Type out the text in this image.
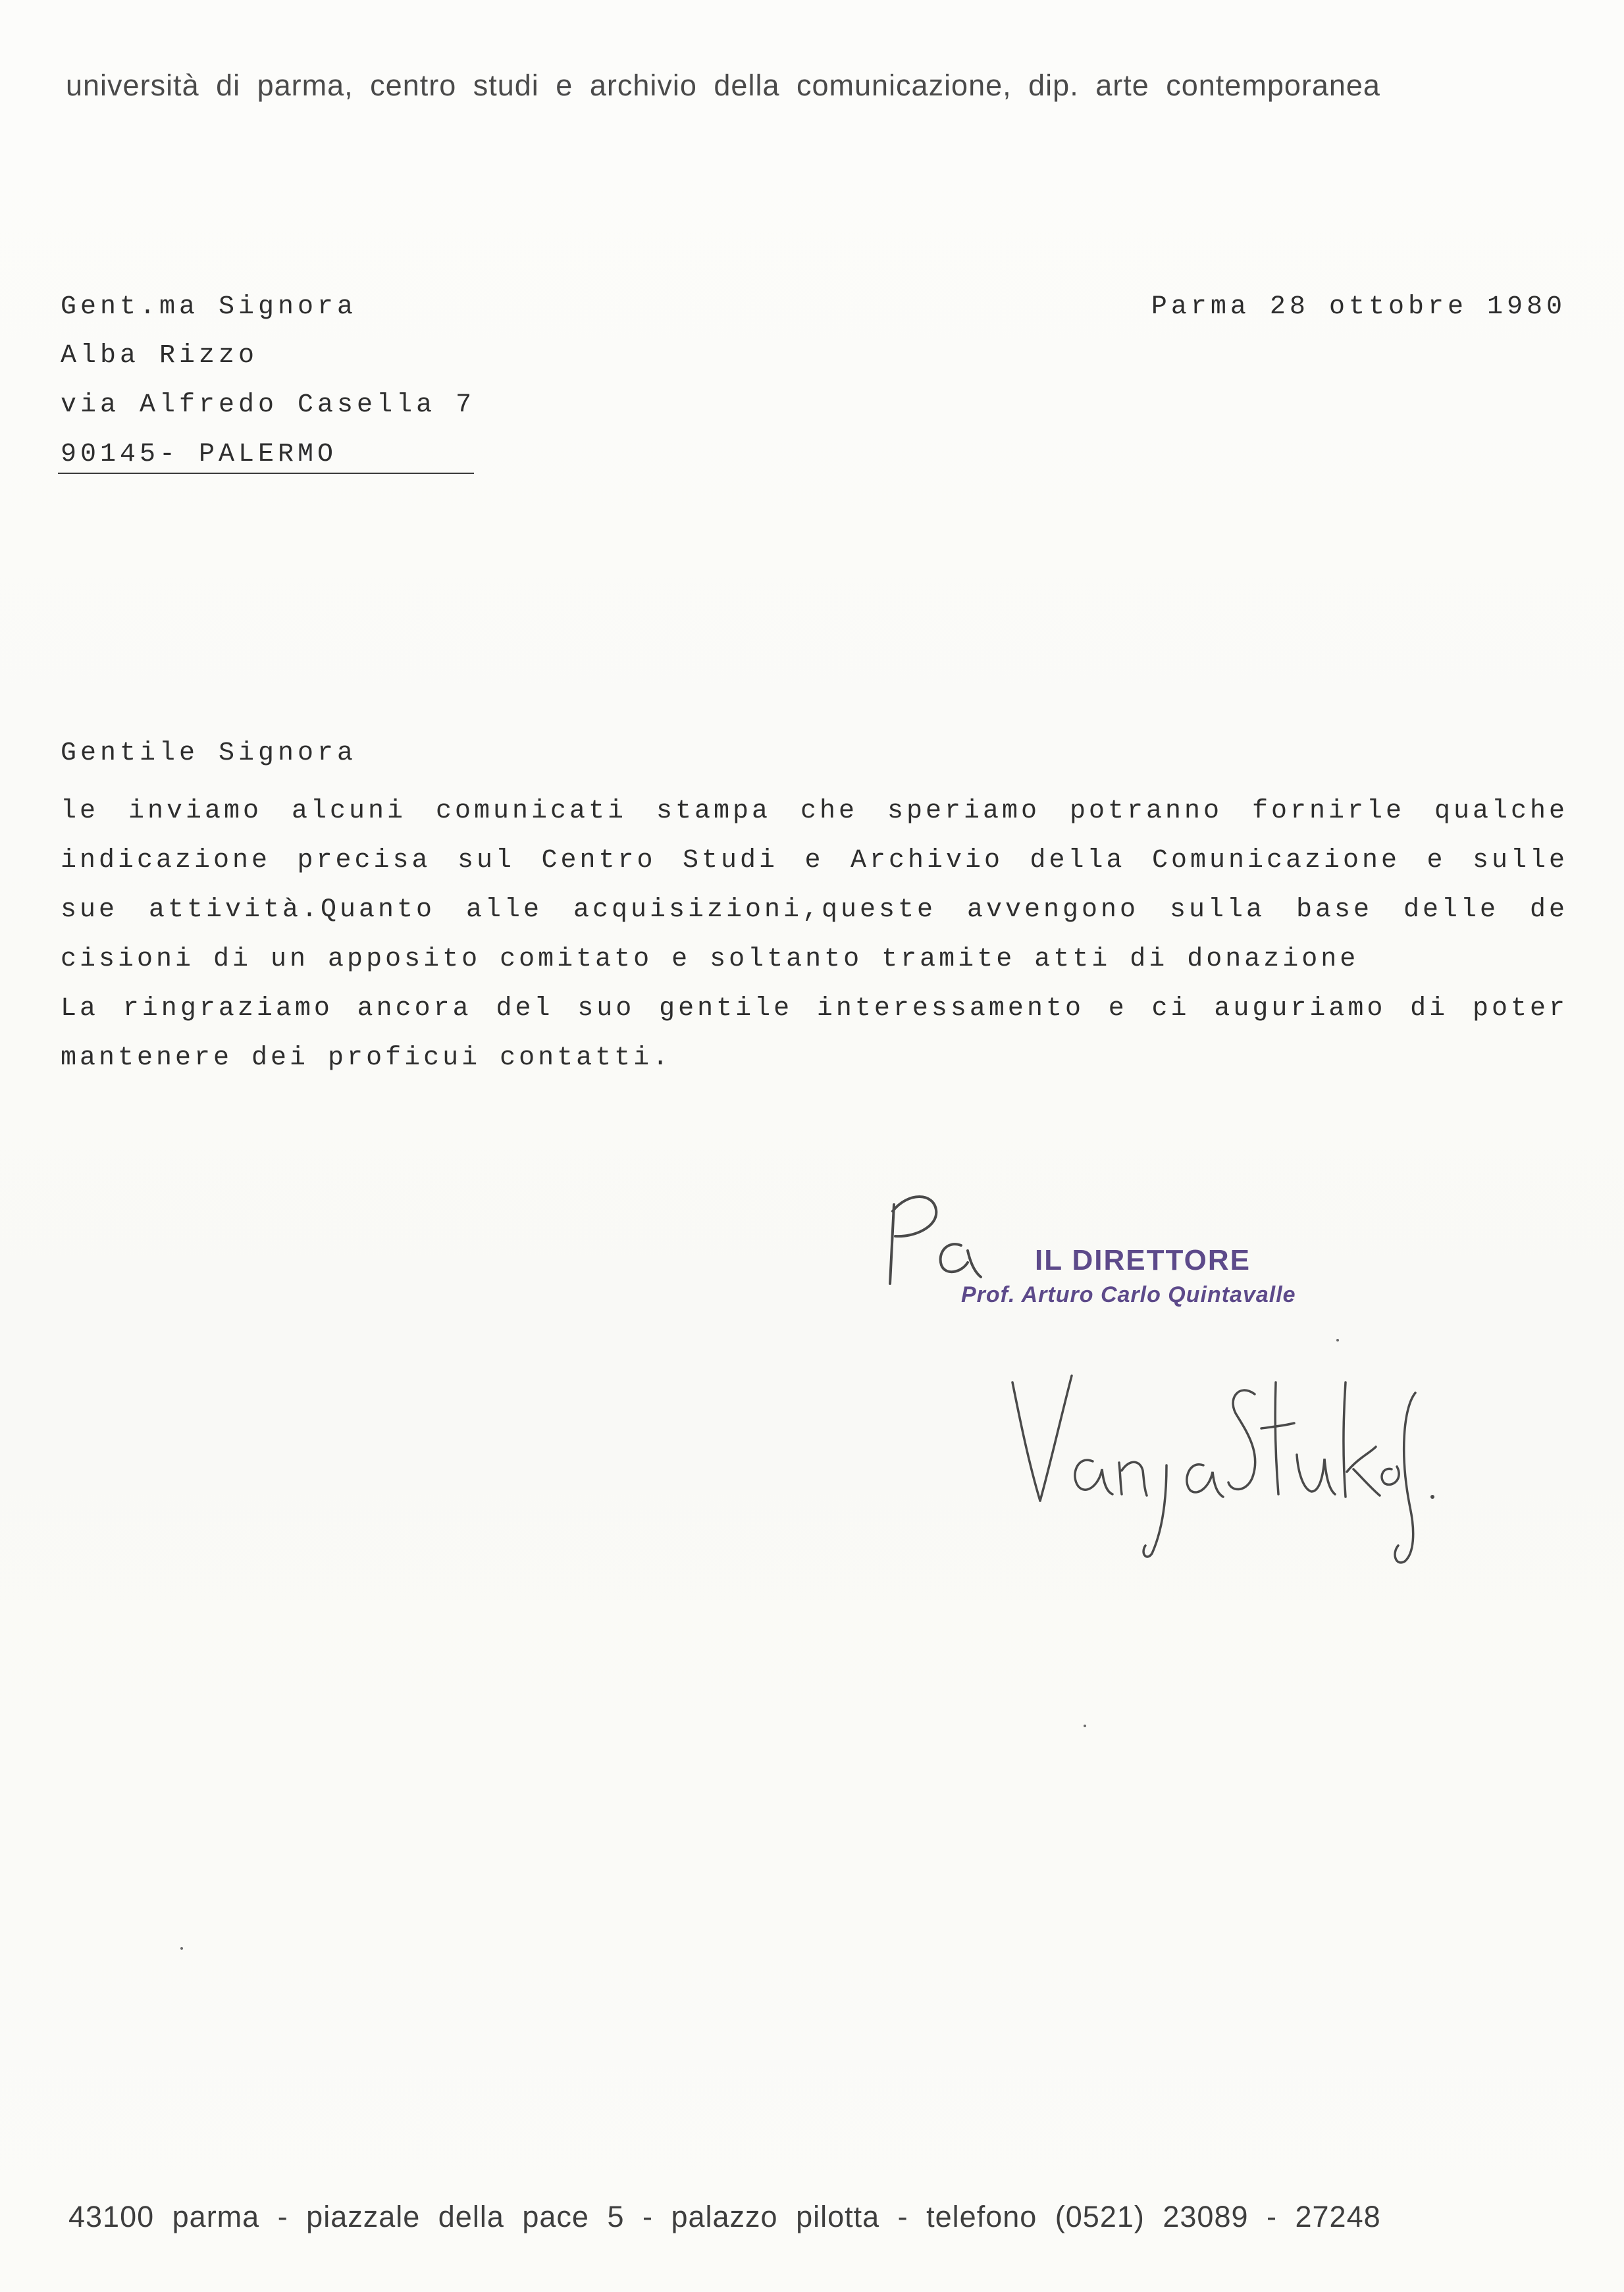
università di parma, centro studi e archivio della comunicazione, dip. arte contemporanea
Gent.ma Signora
Alba Rizzo
via Alfredo Casella 7
90145- PALERMO
Parma 28 ottobre 1980
Gentile Signora
le inviamo alcuni comunicati stampa che speriamo potranno fornirle qualche
indicazione precisa sul Centro Studi e Archivio della Comunicazione e sulle
sue attività.Quanto alle acquisizioni,queste avvengono sulla base delle de
cisioni di un apposito comitato e soltanto tramite atti di donazione
La ringraziamo ancora del suo gentile interessamento e ci auguriamo di poter
mantenere dei proficui contatti.
IL DIRETTORE
Prof. Arturo Carlo Quintavalle
43100 parma - piazzale della pace 5 - palazzo pilotta - telefono (0521) 23089 - 27248
